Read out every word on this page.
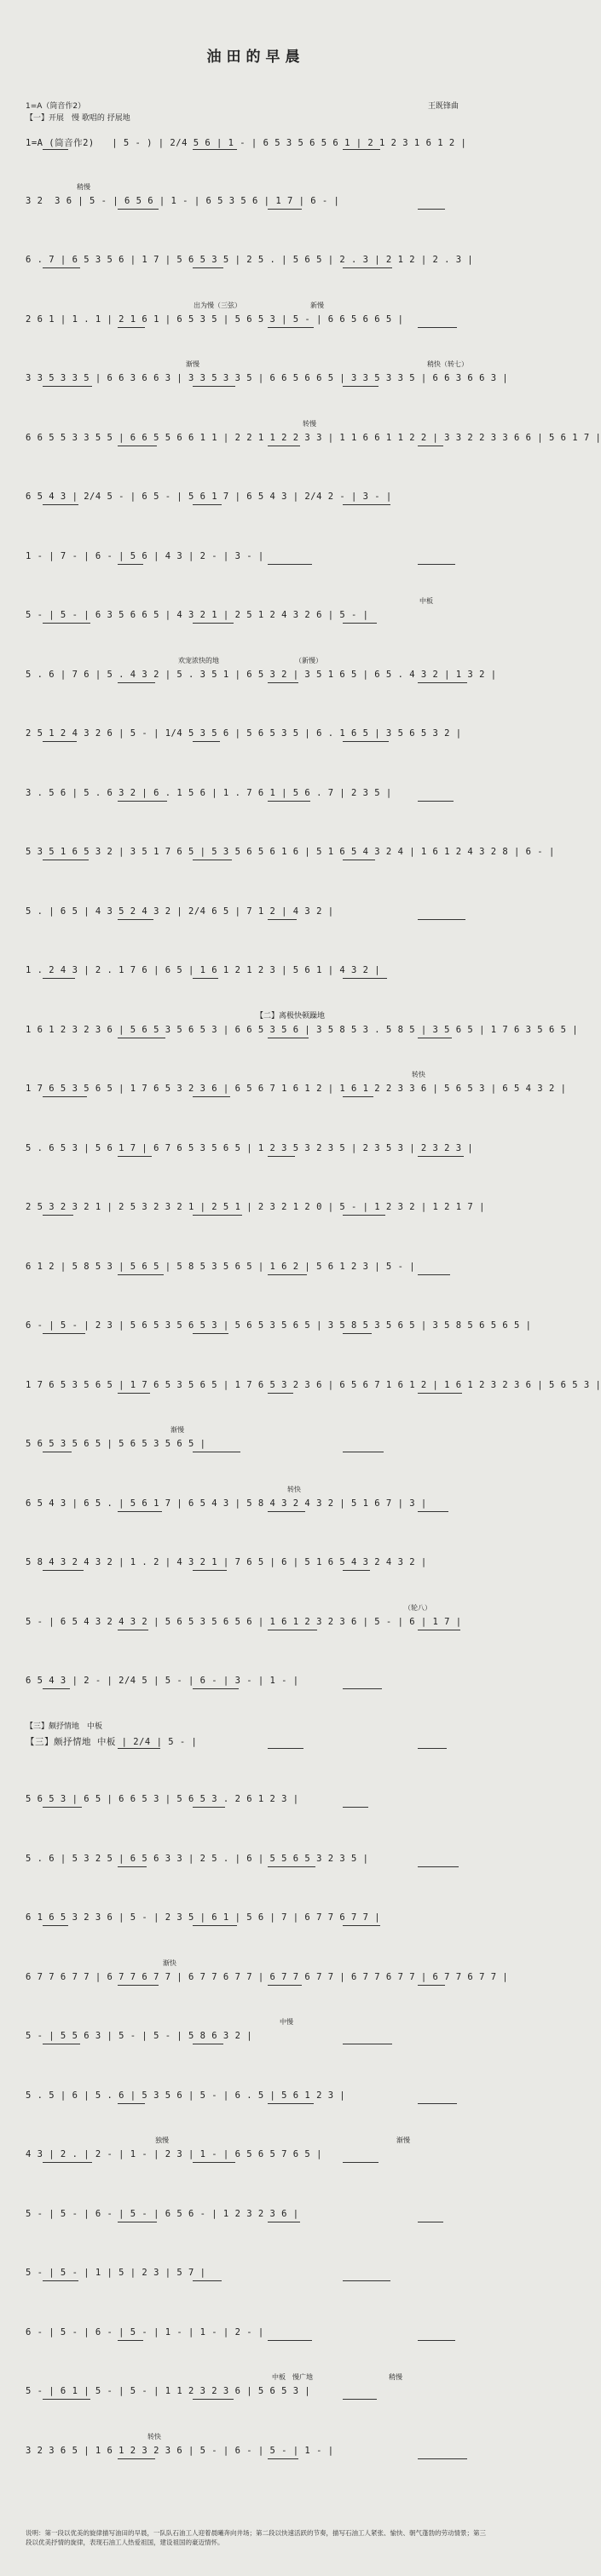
油田的早晨
王既锋曲
1=A（筒音作2）
【一】开展　慢 歌唱的 抒展地
1=A (筒音作2)   | 5 - ) | 2/4 5 6 | 1 - | 6 5 3 5 6 5 6 1 | 2 1 2 3 1 6 1 2 |
3 2  3 6 | 5 - | 6 5 6 | 1 - | 6 5 3 5 6 | 1 7 | 6 - |
6 . 7 | 6 5 3 5 6 | 1 7 | 5 6 5 3 5 | 2 5 . | 5 6 5 | 2 . 3 | 2 1 2 | 2 . 3 |
2 6 1 | 1 . 1 | 2 1 6 1 | 6 5 3 5 | 5 6 5 3 | 5 - | 6 6 5 6 6 5 |
3 3 5 3 3 5 | 6 6 3 6 6 3 | 3 3 5 3 3 5 | 6 6 5 6 6 5 | 3 3 5 3 3 5 | 6 6 3 6 6 3 |
6 6 5 5 3 3 5 5 | 6 6 5 5 6 6 1 1 | 2 2 1 1 2 2 3 3 | 1 1 6 6 1 1 2 2 | 3 3 2 2 3 3 6 6 | 5 6 1 7 |
6 5 4 3 | 2/4 5 - | 6 5 - | 5 6 1 7 | 6 5 4 3 | 2/4 2 - | 3 - |
1 - | 7 - | 6 - | 5 6 | 4 3 | 2 - | 3 - |
5 - | 5 - | 6 3 5 6 6 5 | 4 3 2 1 | 2 5 1 2 4 3 2 6 | 5 - |
5 . 6 | 7 6 | 5 . 4 3 2 | 5 . 3 5 1 | 6 5 3 2 | 3 5 1 6 5 | 6 5 . 4 3 2 | 1 3 2 |
2 5 1 2 4 3 2 6 | 5 - | 1/4 5 3 5 6 | 5 6 5 3 5 | 6 . 1 6 5 | 3 5 6 5 3 2 |
3 . 5 6 | 5 . 6 3 2 | 6 . 1 5 6 | 1 . 7 6 1 | 5 6 . 7 | 2 3 5 |
5 3 5 1 6 5 3 2 | 3 5 1 7 6 5 | 5 3 5 6 5 6 1 6 | 5 1 6 5 4 3 2 4 | 1 6 1 2 4 3 2 8 | 6 - |
5 . | 6 5 | 4 3 5 2 4 3 2 | 2/4 6 5 | 7 1 2 | 4 3 2 |
1 . 2 4 3 | 2 . 1 7 6 | 6 5 | 1 6 1 2 1 2 3 | 5 6 1 | 4 3 2 |
1 6 1 2 3 2 3 6 | 5 6 5 3 5 6 5 3 | 6 6 5 3 5 6 | 3 5 8 5 3 . 5 8 5 | 3 5 6 5 | 1 7 6 3 5 6 5 |
1 7 6 5 3 5 6 5 | 1 7 6 5 3 2 3 6 | 6 5 6 7 1 6 1 2 | 1 6 1 2 2 3 3 6 | 5 6 5 3 | 6 5 4 3 2 |
5 . 6 5 3 | 5 6 1 7 | 6 7 6 5 3 5 6 5 | 1 2 3 5 3 2 3 5 | 2 3 5 3 | 2 3 2 3 |
2 5 3 2 3 2 1 | 2 5 3 2 3 2 1 | 2 5 1 | 2 3 2 1 2 0 | 5 - | 1 2 3 2 | 1 2 1 7 |
6 1 2 | 5 8 5 3 | 5 6 5 | 5 8 5 3 5 6 5 | 1 6 2 | 5 6 1 2 3 | 5 - |
6 - | 5 - | 2 3 | 5 6 5 3 5 6 5 3 | 5 6 5 3 5 6 5 | 3 5 8 5 3 5 6 5 | 3 5 8 5 6 5 6 5 |
1 7 6 5 3 5 6 5 | 1 7 6 5 3 5 6 5 | 1 7 6 5 3 2 3 6 | 6 5 6 7 1 6 1 2 | 1 6 1 2 3 2 3 6 | 5 6 5 3 |
5 6 5 3 5 6 5 | 5 6 5 3 5 6 5 |
6 5 4 3 | 6 5 . | 5 6 1 7 | 6 5 4 3 | 5 8 4 3 2 4 3 2 | 5 1 6 7 | 3 |
5 8 4 3 2 4 3 2 | 1 . 2 | 4 3 2 1 | 7 6 5 | 6 | 5 1 6 5 4 3 2 4 3 2 |
5 - | 6 5 4 3 2 4 3 2 | 5 6 5 3 5 6 5 6 | 1 6 1 2 3 2 3 6 | 5 - | 6 | 1 7 |
6 5 4 3 | 2 - | 2/4 5 | 5 - | 6 - | 3 - | 1 - |
【三】颇抒情地 中板 | 2/4 | 5 - |
5 6 5 3 | 6 5 | 6 6 5 3 | 5 6 5 3 . 2 6 1 2 3 |
5 . 6 | 5 3 2 5 | 6 5 6 3 3 | 2 5 . | 6 | 5 5 6 5 3 2 3 5 |
6 1 6 5 3 2 3 6 | 5 - | 2 3 5 | 6 1 | 5 6 | 7 | 6 7 7 6 7 7 |
6 7 7 6 7 7 | 6 7 7 6 7 7 | 6 7 7 6 7 7 | 6 7 7 6 7 7 | 6 7 7 6 7 7 | 6 7 7 6 7 7 |
5 - | 5 5 6 3 | 5 - | 5 - | 5 8 6 3 2 |
5 . 5 | 6 | 5 . 6 | 5 3 5 6 | 5 - | 6 . 5 | 5 6 1 2 3 |
4 3 | 2 . | 2 - | 1 - | 2 3 | 1 - | 6 5 6 5 7 6 5 |
5 - | 5 - | 6 - | 5 - | 6 5 6 - | 1 2 3 2 3 6 |
5 - | 5 - | 1 | 5 | 2 3 | 5 7 |
6 - | 5 - | 6 - | 5 - | 1 - | 1 - | 2 - |
5 - | 6 1 | 5 - | 5 - | 1 1 2 3 2 3 6 | 5 6 5 3 |
3 2 3 6 5 | 1 6 1 2 3 2 3 6 | 5 - | 6 - | 5 - | 1 - |
说明：第一段以优美的旋律描写油田的早晨，一队队石油工人迎着晨曦奔向井场；第二段以快速活跃的节奏，描写石油工人紧张、愉快、朝气蓬勃的劳动情景；第三段以优美抒情的旋律，表现石油工人热爱祖国，建设祖国的豪迈情怀。
稍慢
出为慢（三弦）	新慢
稍快（转七）
渐慢
转慢
中板
欢宠浓快的地	（新慢）
转快
渐慢
转快
（轮八）
渐快
中慢
渐慢
独慢
中板　慢广地	稍慢
转快
【二】离极快顿躁地
【三】颇抒情地　中板
